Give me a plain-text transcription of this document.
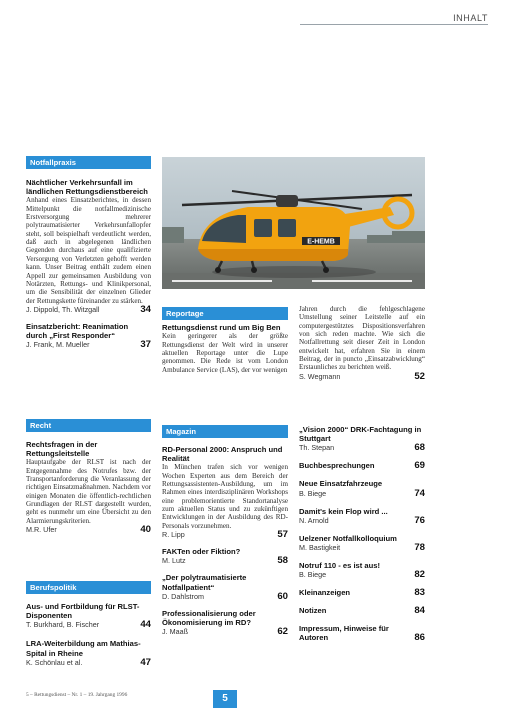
INHALT
Notfallpraxis
Nächtlicher Verkehrsunfall im ländlichen Rettungsdienstbereich
Anhand eines Einsatzberichtes, in dessen Mittelpunkt die notfallmedizinische Erstversorgung mehrerer polytraumatisierter Verkehrsunfallopfer steht, soll beispielhaft verdeutlicht werden, daß auch in abgelegenen ländlichen Gegenden durchaus auf eine qualifizierte Versorgung von Verletzten gehofft werden kann. Unser Beitrag enthält zudem einen Appell zur gemeinsamen Ausbildung von Notärzten, Rettungs- und Klinikpersonal, um die Sensibilität der einzelnen Glieder der Rettungskette füreinander zu stärken.
J. Dippold, Th. Witzgall	34
Einsatzbericht: Reanimation durch „First Responder“
J. Frank, M. Mueller	37
Recht
Rechtsfragen in der Rettungsleitstelle
Hauptaufgabe der RLST ist nach der Entgegennahme des Notrufes bzw. der Transportanforderung die Veranlassung der richtigen Einsatzmaßnahmen. Nachdem vor einigen Monaten die öffentlich-rechtlichen Grundlagen der RLST dargestellt wurden, geht es nunmehr um eine Übersicht zu den Alarmierungskriterien.
M.R. Ufer	40
Berufspolitik
Aus- und Fortbildung für RLST-Disponenten
T. Burkhard, B. Fischer	44
LRA-Weiterbildung am Mathias-Spital in Rheine
K. Schönlau et al.	47
E-HEMB
Reportage
Rettungsdienst rund um Big Ben
Kein geringerer als der größte Rettungsdienst der Welt wird in unserer aktuellen Reportage unter die Lupe genommen. Die Rede ist vom London Ambulance Service (LAS), der vor wenigen
Jahren durch die fehlgeschlagene Umstellung seiner Leitstelle auf ein computergestütztes Dispositionsverfahren von sich reden machte. Wie sich die Notfallrettung seit dieser Zeit in London entwickelt hat, erfahren Sie in einem Beitrag, der in puncto „Einsatzabwicklung“ Erstaunliches zu berichten weiß.
S. Wegmann	52
Magazin
RD-Personal 2000: Anspruch und Realität
In München trafen sich vor wenigen Wochen Experten aus dem Bereich der Rettungsassistenten-Ausbildung, um im Rahmen eines interdisziplinären Workshops eine problemorientierte Standortanalyse zum aktuellen Status und zu zukünftigen Entwicklungen in der Ausbildung des RD-Personals vorzunehmen.
R. Lipp	57
FAKTen oder Fiktion?
M. Lutz	58
„Der polytraumatisierte Notfallpatient“
D. Dahlstrom	60
Professionalisierung oder Ökonomisierung im RD?
J. Maaß	62
„Vision 2000“ DRK-Fachtagung in Stuttgart
Th. Stepan	68
Buchbesprechungen	69
Neue Einsatzfahrzeuge
B. Biege	74
Damit's kein Flop wird ...
N. Arnold	76
Uelzener Notfallkolloquium
M. Bastigkeit	78
Notruf 110 - es ist aus!
B. Biege	82
Kleinanzeigen	83
Notizen	84
Impressum, Hinweise für Autoren	86
5 – Rettungsdienst – Nr. 1 – 19. Jahrgang 1996	5
